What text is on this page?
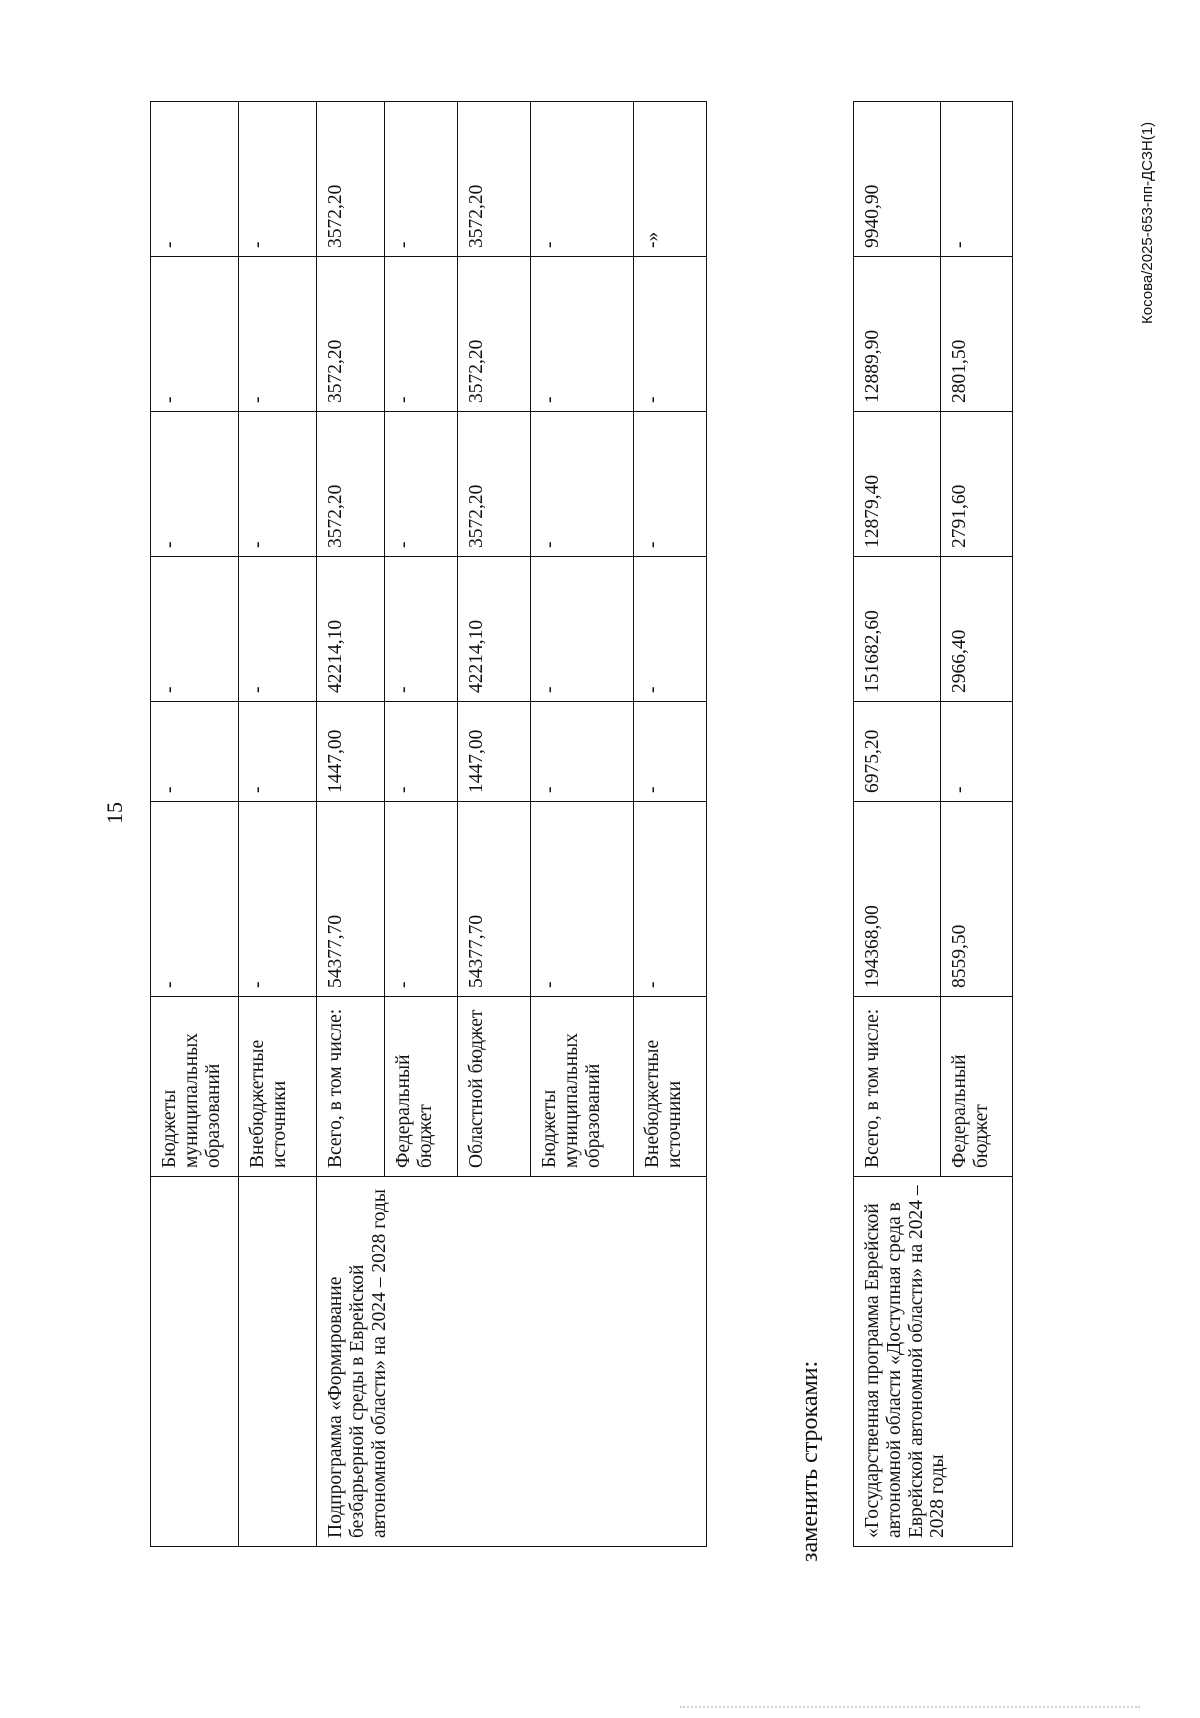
15
Косова/2025-653-пп-ДСЗН(1)
	Бюджеты муниципальных образований	-	-	-	-	-	-
	Внебюджетные источники	-	-	-	-	-	-
Подпрограмма «Формирование безбарьерной среды в Еврейской автономной области» на 2024 – 2028 годы	Всего, в том числе:	54377,70	1447,00	42214,10	3572,20	3572,20	3572,20
	Федеральный бюджет	-	-	-	-	-	-
	Областной бюджет	54377,70	1447,00	42214,10	3572,20	3572,20	3572,20
	Бюджеты муниципальных образований	-	-	-	-	-	-
	Внебюджетные источники	-	-	-	-	-	-»
заменить строками: «Государственная программа Еврейской автономной области «Доступная среда в Еврейской автономной области» на 2024 – 2028 годы	Всего, в том числе:	194368,00	6975,20	151682,60	12879,40	12889,90	9940,90
	Федеральный бюджет	8559,50	-	2966,40	2791,60	2801,50	-
